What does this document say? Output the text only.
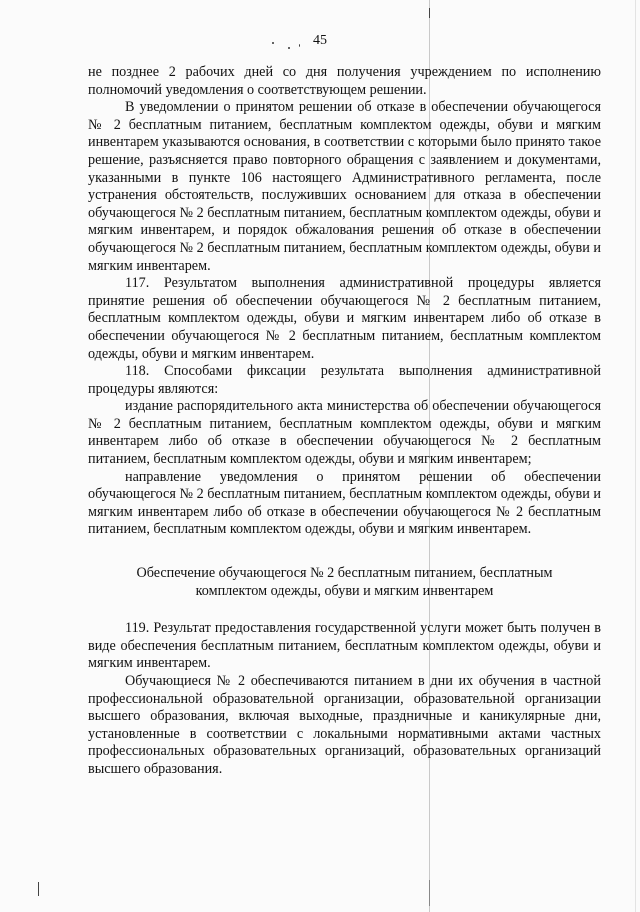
45

не позднее 2 рабочих дней со дня получения учреждением по исполнению полномочий уведомления о соответствующем решении.

В уведомлении о принятом решении об отказе в обеспечении обучающегося № 2 бесплатным питанием, бесплатным комплектом одежды, обуви и мягким инвентарем указываются основания, в соответствии с которыми было принято такое решение, разъясняется право повторного обращения с заявлением и документами, указанными в пункте 106 настоящего Административного регламента, после устранения обстоятельств, послуживших основанием для отказа в обеспечении обучающегося № 2 бесплатным питанием, бесплатным комплектом одежды, обуви и мягким инвентарем, и порядок обжалования решения об отказе в обеспечении обучающегося № 2 бесплатным питанием, бесплатным комплектом одежды, обуви и мягким инвентарем.

117. Результатом выполнения административной процедуры является принятие решения об обеспечении обучающегося № 2 бесплатным питанием, бесплатным комплектом одежды, обуви и мягким инвентарем либо об отказе в обеспечении обучающегося № 2 бесплатным питанием, бесплатным комплектом одежды, обуви и мягким инвентарем.

118. Способами фиксации результата выполнения административной процедуры являются:

издание распорядительного акта министерства об обеспечении обучающегося № 2 бесплатным питанием, бесплатным комплектом одежды, обуви и мягким инвентарем либо об отказе в обеспечении обучающегося № 2 бесплатным питанием, бесплатным комплектом одежды, обуви и мягким инвентарем;

направление уведомления о принятом решении об обеспечении обучающегося № 2 бесплатным питанием, бесплатным комплектом одежды, обуви и мягким инвентарем либо об отказе в обеспечении обучающегося № 2 бесплатным питанием, бесплатным комплектом одежды, обуви и мягким инвентарем.

Обеспечение обучающегося № 2 бесплатным питанием, бесплатным комплектом одежды, обуви и мягким инвентарем

119. Результат предоставления государственной услуги может быть получен в виде обеспечения бесплатным питанием, бесплатным комплектом одежды, обуви и мягким инвентарем.

Обучающиеся № 2 обеспечиваются питанием в дни их обучения в частной профессиональной образовательной организации, образовательной организации высшего образования, включая выходные, праздничные и каникулярные дни, установленные в соответствии с локальными нормативными актами частных профессиональных образовательных организаций, образовательных организаций высшего образования.
